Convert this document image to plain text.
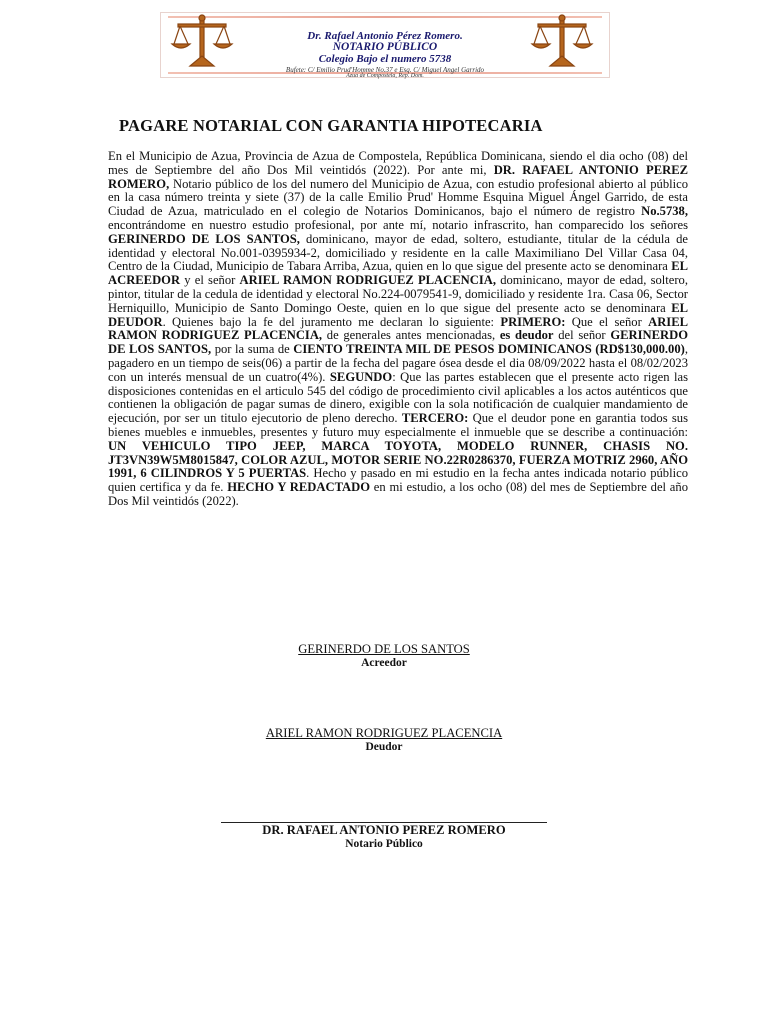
Dr. Rafael Antonio Pérez Romero.
NOTARIO PÚBLICO
Colegio Bajo el numero 5738
Bufete: C/ Emilio Prud'Homme No.37 e Esq. C/ Miguel Angel Garrido
Azua de Compostela, Rep. Dom.
PAGARE NOTARIAL CON GARANTIA HIPOTECARIA
En el Municipio de Azua, Provincia de Azua de Compostela, República Dominicana, siendo el dia ocho (08) del mes de Septiembre del año Dos Mil veintidós (2022). Por ante mi, DR. RAFAEL ANTONIO PEREZ ROMERO, Notario público de los del numero del Municipio de Azua, con estudio profesional abierto al público en la casa número treinta y siete (37) de la calle Emilio Prud' Homme Esquina Miguel Ángel Garrido, de esta Ciudad de Azua, matriculado en el colegio de Notarios Dominicanos, bajo el número de registro No.5738, encontrándome en nuestro estudio profesional, por ante mí, notario infrascrito, han comparecido los señores GERINERDO DE LOS SANTOS, dominicano, mayor de edad, soltero, estudiante, titular de la cédula de identidad y electoral No.001-0395934-2, domiciliado y residente en la calle Maximiliano Del Villar Casa 04, Centro de la Ciudad, Municipio de Tabara Arriba, Azua, quien en lo que sigue del presente acto se denominara EL ACREEDOR y el señor ARIEL RAMON RODRIGUEZ PLACENCIA, dominicano, mayor de edad, soltero, pintor, titular de la cedula de identidad y electoral No.224-0079541-9, domiciliado y residente 1ra. Casa 06, Sector Herniquillo, Municipio de Santo Domingo Oeste, quien en lo que sigue del presente acto se denominara EL DEUDOR. Quienes bajo la fe del juramento me declaran lo siguiente: PRIMERO: Que el señor ARIEL RAMON RODRIGUEZ PLACENCIA, de generales antes mencionadas, es deudor del señor GERINERDO DE LOS SANTOS, por la suma de CIENTO TREINTA MIL DE PESOS DOMINICANOS (RD$130,000.00), pagadero en un tiempo de seis(06) a partir de la fecha del pagare ósea desde el dia 08/09/2022 hasta el 08/02/2023 con un interés mensual de un cuatro(4%). SEGUNDO: Que las partes establecen que el presente acto rigen las disposiciones contenidas en el articulo 545 del código de procedimiento civil aplicables a los actos auténticos que contienen la obligación de pagar sumas de dinero, exigible con la sola notificación de cualquier mandamiento de ejecución, por ser un titulo ejecutorio de pleno derecho. TERCERO: Que el deudor pone en garantia todos sus bienes muebles e inmuebles, presentes y futuro muy especialmente el inmueble que se describe a continuación: UN VEHICULO TIPO JEEP, MARCA TOYOTA, MODELO RUNNER, CHASIS NO. JT3VN39W5M8015847, COLOR AZUL, MOTOR SERIE NO.22R0286370, FUERZA MOTRIZ 2960, AÑO 1991, 6 CILINDROS Y 5 PUERTAS. Hecho y pasado en mi estudio en la fecha antes indicada notario público quien certifica y da fe. HECHO Y REDACTADO en mi estudio, a los ocho (08) del mes de Septiembre del año Dos Mil veintidós (2022).
GERINERDO DE LOS SANTOS
Acreedor
ARIEL RAMON RODRIGUEZ PLACENCIA
Deudor
DR. RAFAEL ANTONIO PEREZ ROMERO
Notario Público
